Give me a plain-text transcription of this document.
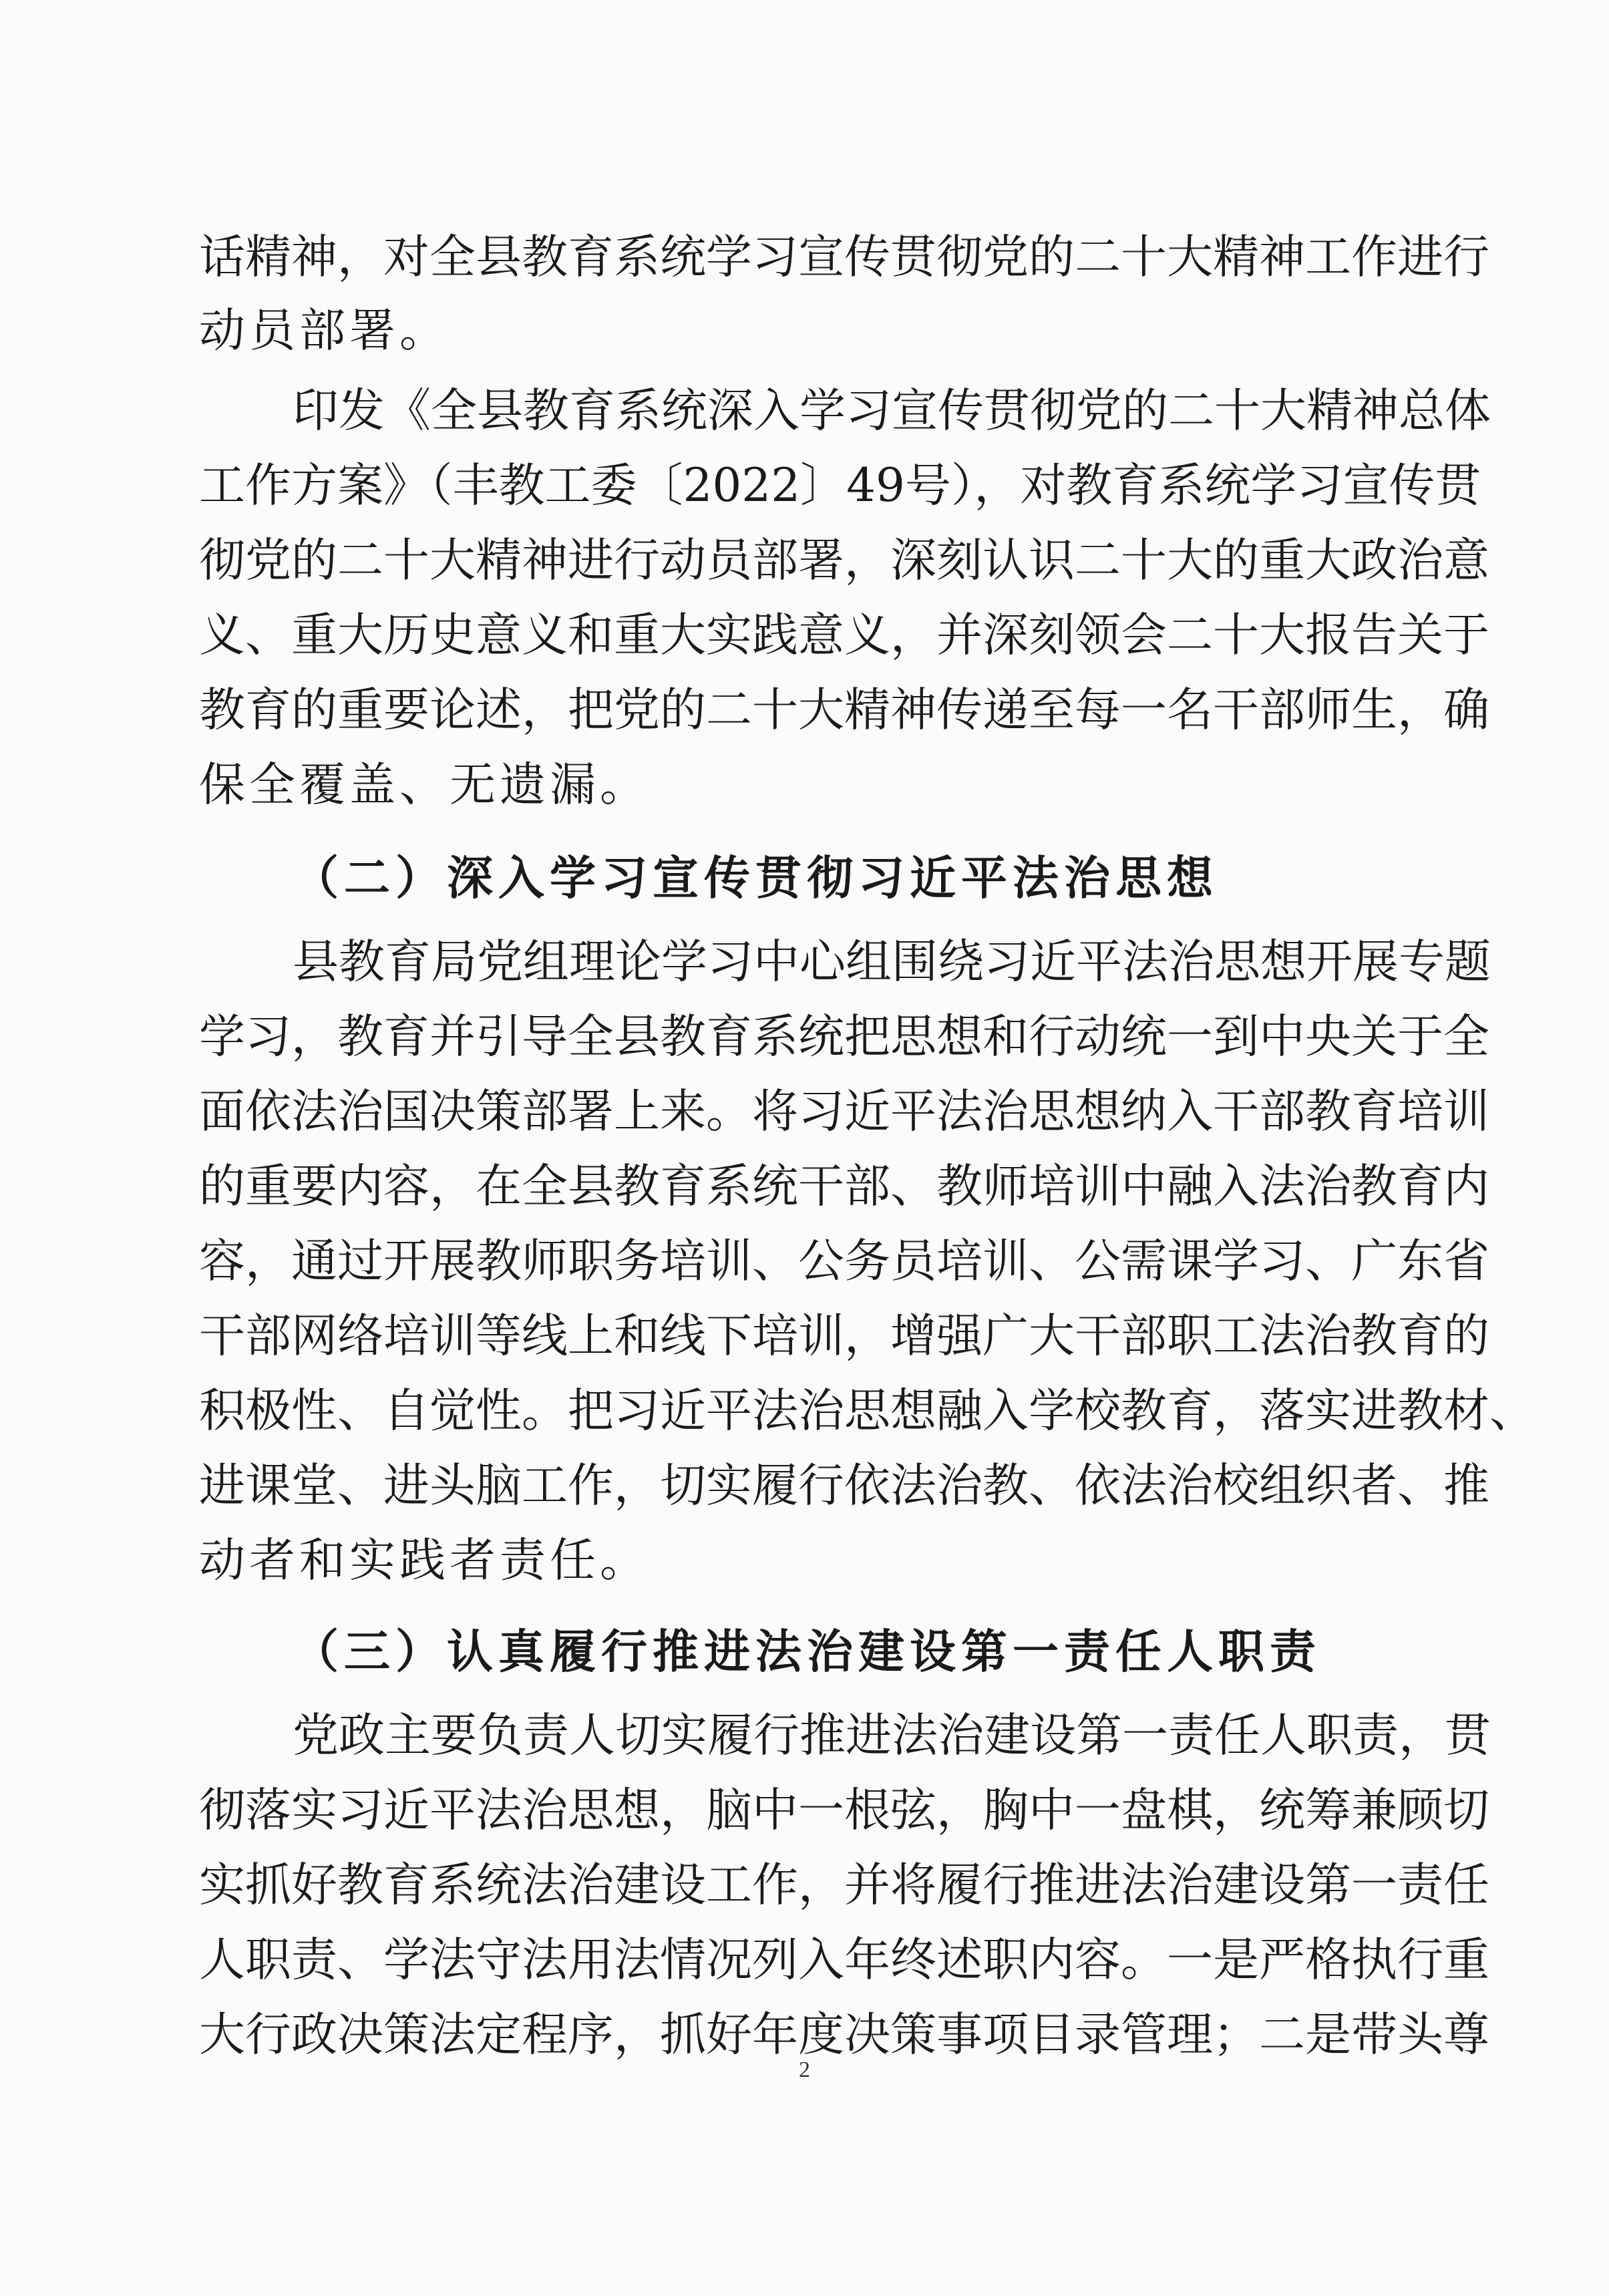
话精神，对全县教育系统学习宣传贯彻党的二十大精神工作进行
动员部署。
印发《全县教育系统深入学习宣传贯彻党的二十大精神总体
工作方案》（丰教工委〔2022〕49号），对教育系统学习宣传贯
彻党的二十大精神进行动员部署，深刻认识二十大的重大政治意
义、重大历史意义和重大实践意义，并深刻领会二十大报告关于
教育的重要论述，把党的二十大精神传递至每一名干部师生，确
保全覆盖、无遗漏。
（二）深入学习宣传贯彻习近平法治思想
县教育局党组理论学习中心组围绕习近平法治思想开展专题
学习，教育并引导全县教育系统把思想和行动统一到中央关于全
面依法治国决策部署上来。将习近平法治思想纳入干部教育培训
的重要内容，在全县教育系统干部、教师培训中融入法治教育内
容，通过开展教师职务培训、公务员培训、公需课学习、广东省
干部网络培训等线上和线下培训，增强广大干部职工法治教育的
积极性、自觉性。把习近平法治思想融入学校教育，落实进教材、
进课堂、进头脑工作，切实履行依法治教、依法治校组织者、推
动者和实践者责任。
（三）认真履行推进法治建设第一责任人职责
党政主要负责人切实履行推进法治建设第一责任人职责，贯
彻落实习近平法治思想，脑中一根弦，胸中一盘棋，统筹兼顾切
实抓好教育系统法治建设工作，并将履行推进法治建设第一责任
人职责、学法守法用法情况列入年终述职内容。一是严格执行重
大行政决策法定程序，抓好年度决策事项目录管理；二是带头尊
2
